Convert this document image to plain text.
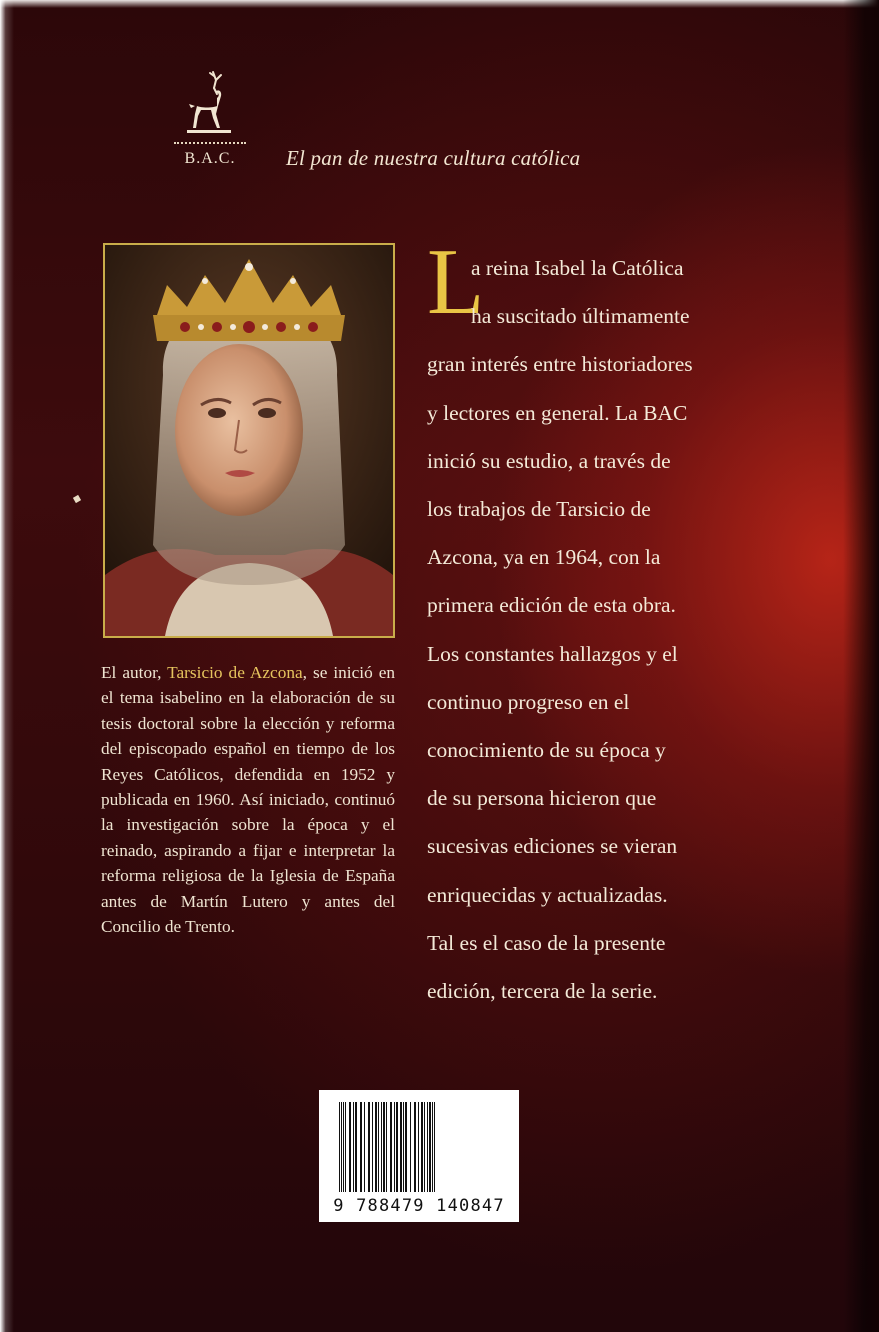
B.A.C.	El pan de nuestra cultura católica
El autor, Tarsicio de Azcona, se inició en el tema isabelino en la elaboración de su tesis doctoral sobre la elección y reforma del episcopado español en tiempo de los Reyes Católicos, defendida en 1952 y publicada en 1960. Así iniciado, continuó la investigación sobre la época y el reinado, aspirando a fijar e interpretar la reforma religiosa de la Iglesia de España antes de Martín Lutero y antes del Concilio de Trento.
L
a reina Isabel la Católica
ha suscitado últimamente
gran interés entre historiadores
y lectores en general. La BAC
inició su estudio, a través de
los trabajos de Tarsicio de
Azcona, ya en 1964, con la
primera edición de esta obra.
Los constantes hallazgos y el
continuo progreso en el
conocimiento de su época y
de su persona hicieron que
sucesivas ediciones se vieran
enriquecidas y actualizadas.
Tal es el caso de la presente
edición, tercera de la serie.
9 788479 140847
